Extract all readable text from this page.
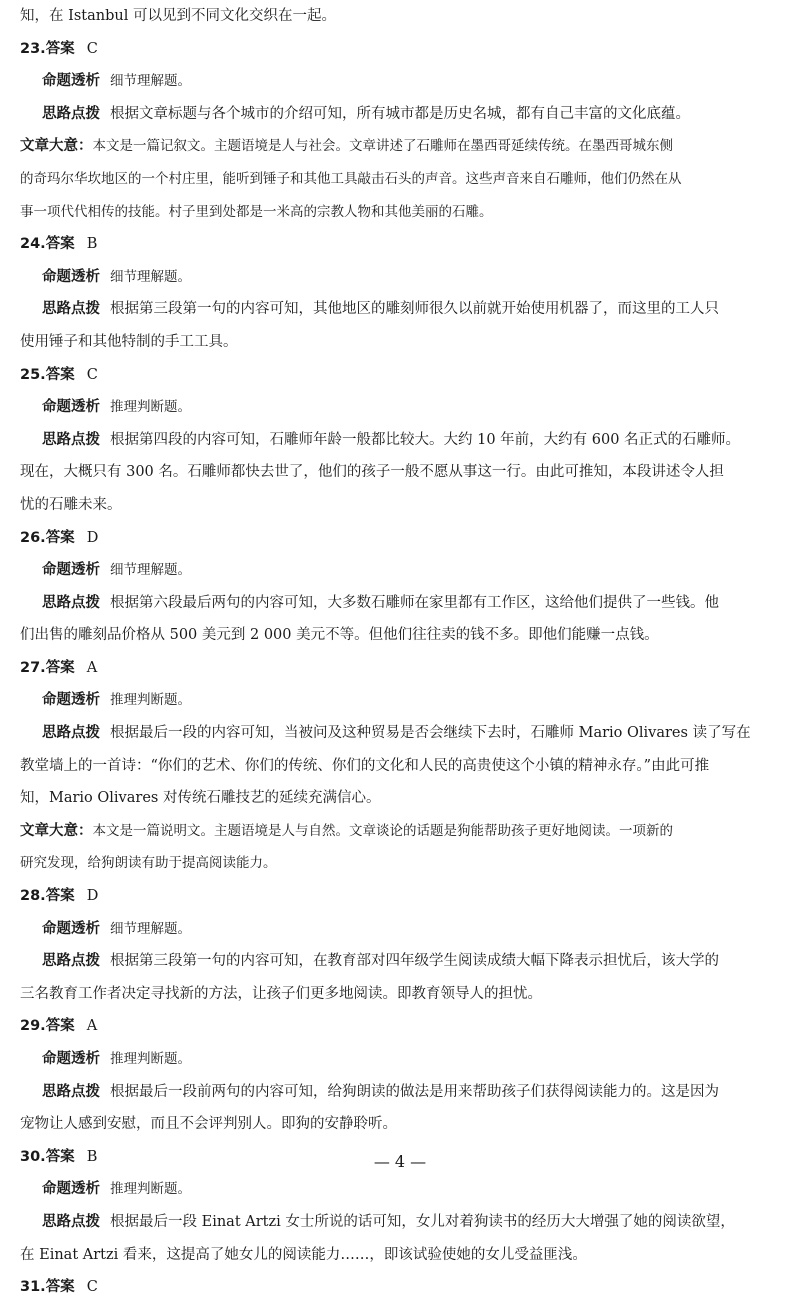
知，在 Istanbul 可以见到不同文化交织在一起。

23.答案 C

命题透析 细节理解题。

思路点拨 根据文章标题与各个城市的介绍可知，所有城市都是历史名城，都有自己丰富的文化底蕴。

文章大意：本文是一篇记叙文。主题语境是人与社会。文章讲述了石雕师在墨西哥延续传统。在墨西哥城东侧

的奇玛尔华坎地区的一个村庄里，能听到锤子和其他工具敲击石头的声音。这些声音来自石雕师，他们仍然在从

事一项代代相传的技能。村子里到处都是一米高的宗教人物和其他美丽的石雕。

24.答案 B

命题透析 细节理解题。

思路点拨 根据第三段第一句的内容可知，其他地区的雕刻师很久以前就开始使用机器了，而这里的工人只

使用锤子和其他特制的手工工具。

25.答案 C

命题透析 推理判断题。

思路点拨 根据第四段的内容可知，石雕师年龄一般都比较大。大约 10 年前，大约有 600 名正式的石雕师。

现在，大概只有 300 名。石雕师都快去世了，他们的孩子一般不愿从事这一行。由此可推知，本段讲述令人担

忧的石雕未来。

26.答案 D

命题透析 细节理解题。

思路点拨 根据第六段最后两句的内容可知，大多数石雕师在家里都有工作区，这给他们提供了一些钱。他

们出售的雕刻品价格从 500 美元到 2 000 美元不等。但他们往往卖的钱不多。即他们能赚一点钱。

27.答案 A

命题透析 推理判断题。

思路点拨 根据最后一段的内容可知，当被问及这种贸易是否会继续下去时，石雕师 Mario Olivares 读了写在

教堂墙上的一首诗：“你们的艺术、你们的传统、你们的文化和人民的高贵使这个小镇的精神永存。”由此可推

知，Mario Olivares 对传统石雕技艺的延续充满信心。

文章大意：本文是一篇说明文。主题语境是人与自然。文章谈论的话题是狗能帮助孩子更好地阅读。一项新的

研究发现，给狗朗读有助于提高阅读能力。

28.答案 D

命题透析 细节理解题。

思路点拨 根据第三段第一句的内容可知，在教育部对四年级学生阅读成绩大幅下降表示担忧后，该大学的

三名教育工作者决定寻找新的方法，让孩子们更多地阅读。即教育领导人的担忧。

29.答案 A

命题透析 推理判断题。

思路点拨 根据最后一段前两句的内容可知，给狗朗读的做法是用来帮助孩子们获得阅读能力的。这是因为

宠物让人感到安慰，而且不会评判别人。即狗的安静聆听。

30.答案 B

命题透析 推理判断题。

思路点拨 根据最后一段 Einat Artzi 女士所说的话可知，女儿对着狗读书的经历大大增强了她的阅读欲望，

在 Einat Artzi 看来，这提高了她女儿的阅读能力……，即该试验使她的女儿受益匪浅。

31.答案 C

— 4 —
